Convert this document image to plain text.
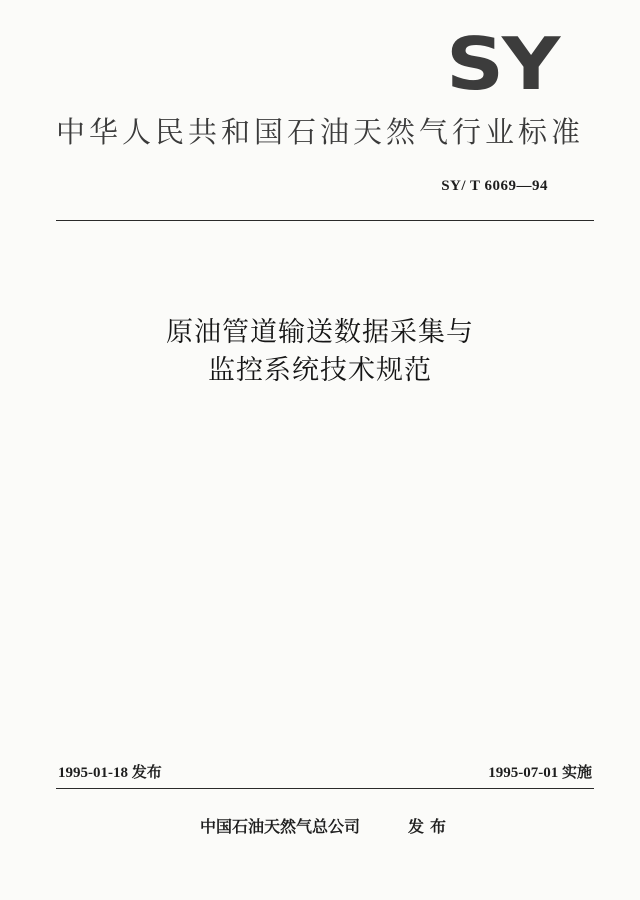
SY
中华人民共和国石油天然气行业标准
SY/ T 6069—94
原油管道输送数据采集与
监控系统技术规范
1995-01-18 发布	1995-07-01 实施
中国石油天然气总公司	发布
